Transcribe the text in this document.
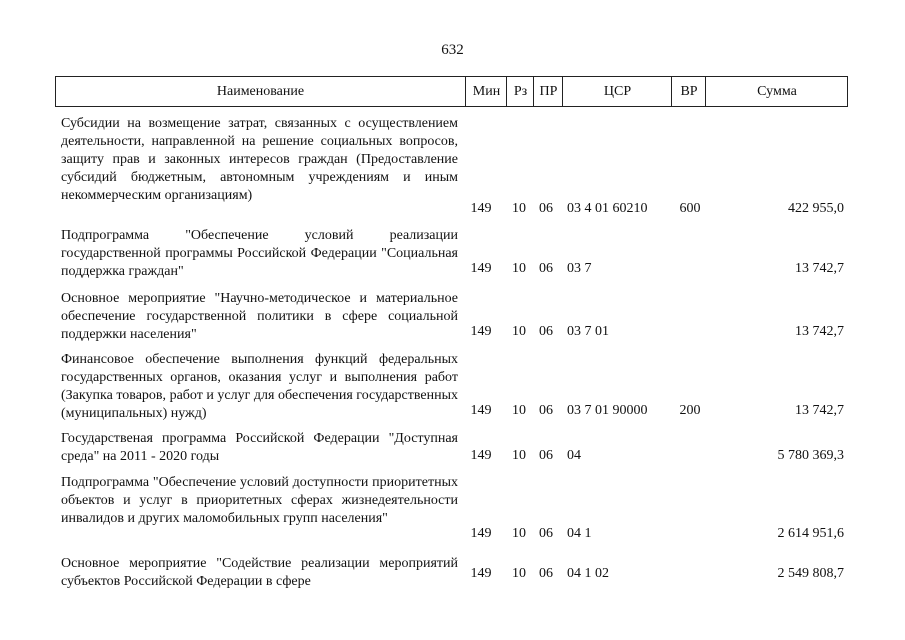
632
Наименование	Мин Рз ПР	ЦСР	ВР	Сумма
Субсидии на возмещение затрат, связанных с осуществлением деятельности, направленной на решение социальных вопросов, защиту прав и законных интересов граждан (Предоставление субсидий бюджетным, автономным учреждениям и иным некоммерческим организациям)
149	10 06	03 4 01 60210	600	422 955,0
Подпрограмма "Обеспечение условий реализации государственной программы Российской Федерации "Социальная поддержка граждан"	149	10 06	03 7	13 742,7
Основное мероприятие "Научно-методическое и материальное обеспечение государственной политики в сфере социальной поддержки населения"	149	10 06	03 7 01	13 742,7
Финансовое обеспечение выполнения функций федеральных государственных органов, оказания услуг и выполнения работ (Закупка товаров, работ и услуг для обеспечения государственных (муниципальных) нужд)	149	10 06	03 7 01 90000	200	13 742,7
Государственая программа Российской Федерации "Доступная среда" на 2011 - 2020 годы	149	10 06	04	5 780 369,3
Подпрограмма "Обеспечение условий доступности приоритетных объектов и услуг в приоритетных сферах жизнедеятельности инвалидов и других маломобильных групп населения"
149	10 06	04 1	2 614 951,6
Основное мероприятие "Содействие реализации мероприятий субъектов Российской Федерации в сфере
149	10 06	04 1 02	2 549 808,7
